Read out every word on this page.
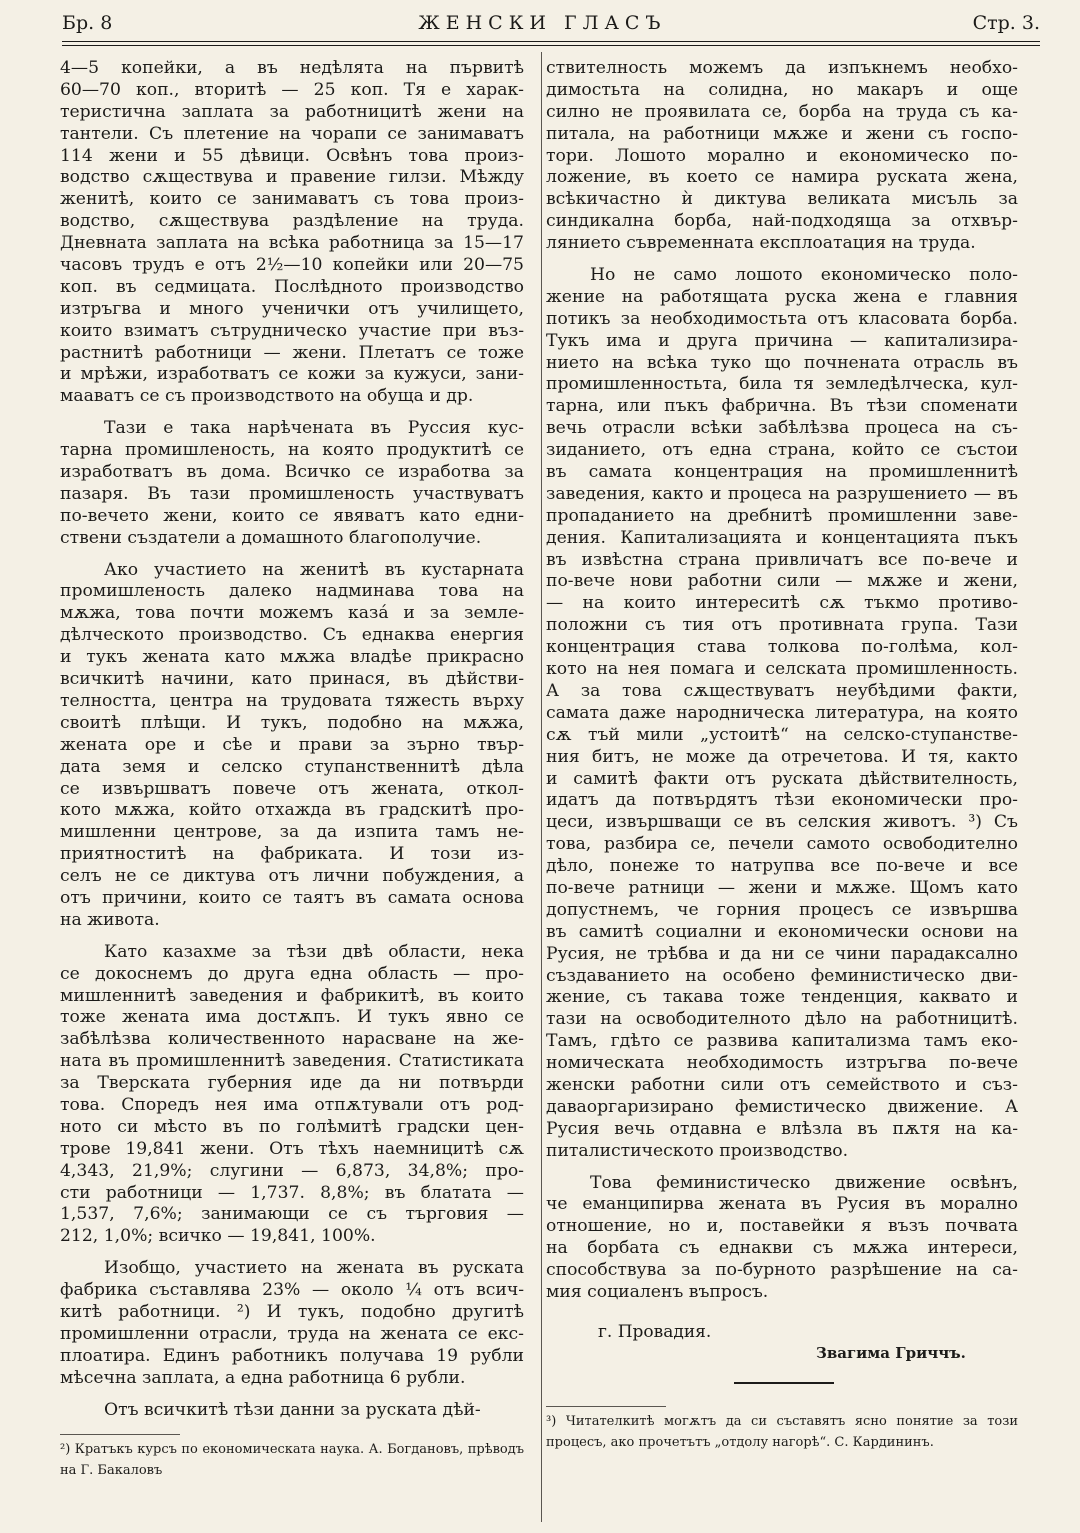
Бр. 8	ЖЕНСКИ ГЛАСЪ	Стр. 3.
4—5 копейки, а въ недѣлята на първитѣ
60—70 коп., вторитѣ — 25 коп. Тя е харак-
теристична заплата за работницитѣ жени на
тантели. Съ плетение на чорапи се занимаватъ
114 жени и 55 дѣвици. Освѣнъ това произ-
водство сѫществува и правение гилзи. Мѣжду
женитѣ, които се занимаватъ съ това произ-
водство, сѫществува раздѣление на труда.
Дневната заплата на всѣка работница за 15—17
часовъ трудъ е отъ 2½—10 копейки или 20—75
коп. въ седмицата. Послѣдното производство
изтръгва и много ученички отъ училището,
които взиматъ сътрудническо участие при въз-
растнитѣ работници — жени. Плетатъ се тоже
и мрѣжи, изработватъ се кожи за кужуси, зани-
мааватъ се съ производството на обуща и др.
Тази е така нарѣчената въ Руссия кус-
тарна промишленость, на която продуктитѣ се
изработватъ въ дома. Всичко се изработва за
пазаря. Въ тази промишленость участвуватъ
по-вечето жени, които се явяватъ като едни-
ствени създатели а домашното благополучие.
Ако участието на женитѣ въ кустарната
промишленость далеко надминава това на
мѫжа, това почти можемъ казá и за земле-
дѣлческото производство. Съ еднаква енергия
и тукъ жената като мѫжа владѣе прикрасно
всичкитѣ начини, като принася, въ дѣйстви-
телността, центра на трудовата тяжесть върху
своитѣ плѣщи. И тукъ, подобно на мѫжа,
жената оре и сѣе и прави за зърно твър-
дата земя и селско ступанственнитѣ дѣла
се извършватъ повече отъ жената, откол-
кото мѫжа, който отхажда въ градскитѣ про-
мишленни центрове, за да изпита тамъ не-
приятноститѣ на фабриката. И този из-
селъ не се диктува отъ лични побуждения, а
отъ причини, които се таятъ въ самата основа
на живота.
Като казахме за тѣзи двѣ области, нека
се докоснемъ до друга една область — про-
мишленнитѣ заведения и фабрикитѣ, въ които
тоже жената има достѫпъ. И тукъ явно се
забѣлѣзва количественното нарасване на же-
ната въ промишленнитѣ заведения. Статистиката
за Тверската губерния иде да ни потвърди
това. Споредъ нея има отпѫтували отъ род-
ното си мѣсто въ по голѣмитѣ градски цен-
трове 19,841 жени. Отъ тѣхъ наемницитѣ сѫ
4,343, 21,9%; слугини — 6,873, 34,8%; про-
сти работници — 1,737. 8,8%; въ блатата —
1,537, 7,6%; занимающи се съ търговия —
212, 1,0%; всичко — 19,841, 100%.
Изобщо, участието на жената въ руската
фабрика съставлява 23% — около ¼ отъ всич-
китѣ работници. ²) И тукъ, подобно другитѣ
промишленни отрасли, труда на жената се екс-
плоатира. Единъ работникъ получава 19 рубли
мѣсечна заплата, а една работница 6 рубли.
Отъ всичкитѣ тѣзи данни за руската дѣй-
ствителность можемъ да изпъкнемъ необхо-
димостьта на солидна, но макаръ и още
силно не проявилата се, борба на труда съ ка-
питала, на работници мѫже и жени съ госпо-
тори. Лошото морално и економическо по-
ложение, въ което се намира руската жена,
всѣкичастно ѝ диктува великата мисъль за
синдикална борба, най-подходяща за отхвър-
лянието съвременната експлоатация на труда.
Но не само лошото економическо поло-
жение на работящата руска жена е главния
потикъ за необходимостьта отъ класовата борба.
Тукъ има и друга причина — капитализира-
нието на всѣка туко що почнената отрасль въ
промишленностьта, била тя земледѣлческа, кул-
тарна, или пъкъ фабрична. Въ тѣзи споменати
вечь отрасли всѣки забѣлѣзва процеса на съ-
зиданието, отъ една страна, който се състои
въ самата концентрация на промишленнитѣ
заведения, както и процеса на разрушението — въ
пропаданието на дребнитѣ промишленни заве-
дения. Капитализацията и концентацията пъкъ
въ извѣстна страна привличатъ все по-вече и
по-вече нови работни сили — мѫже и жени,
— на които интереситѣ сѫ тъкмо противо-
положни съ тия отъ противната група. Тази
концентрация става толкова по-голѣма, кол-
кото на нея помага и селската промишленность.
А за това сѫществуватъ неубѣдими факти,
самата даже народническа литература, на която
сѫ тъй мили „устоитѣ“ на селско-ступанстве-
ния битъ, не може да отречетова. И тя, както
и самитѣ факти отъ руската дѣйствителность,
идатъ да потвърдятъ тѣзи економически про-
цеси, извършващи се въ селския животъ. ³) Съ
това, разбира се, печели самото освободително
дѣло, понеже то натрупва все по-вече и все
по-вече ратници — жени и мѫже. Щомъ като
допустнемъ, че горния процесъ се извършва
въ самитѣ социални и економически основи на
Русия, не трѣбва и да ни се чини парадаксално
създаванието на особено феминистическо дви-
жение, съ такава тоже тенденция, каквато и
тази на освободителното дѣло на работницитѣ.
Тамъ, гдѣто се развива капитализма тамъ еко-
номическата необходимость изтръгва по-вече
женски работни сили отъ семейството и съз-
даваоргаризирано фемистическо движение. А
Русия вечь отдавна е влѣзла въ пѫтя на ка-
питалистическото производство.
Това феминистическо движение освѣнъ,
че еманципирва жената въ Русия въ морално
отношение, но и, поставейки я възъ почвата
на борбата съ еднакви съ мѫжа интереси,
способствува за по-бурното разрѣшение на са-
мия социаленъ въпросъ.
г. Провадия.
Звагима Гриччъ.
²) Кратъкъ курсъ по економическата наука. А. Богдановъ, прѣводъ на Г. Бакаловъ
³) Читателкитѣ могѫтъ да си съставятъ ясно понятие за този процесъ, ако прочетътъ „отдолу нагорѣ“. С. Кардининъ.
